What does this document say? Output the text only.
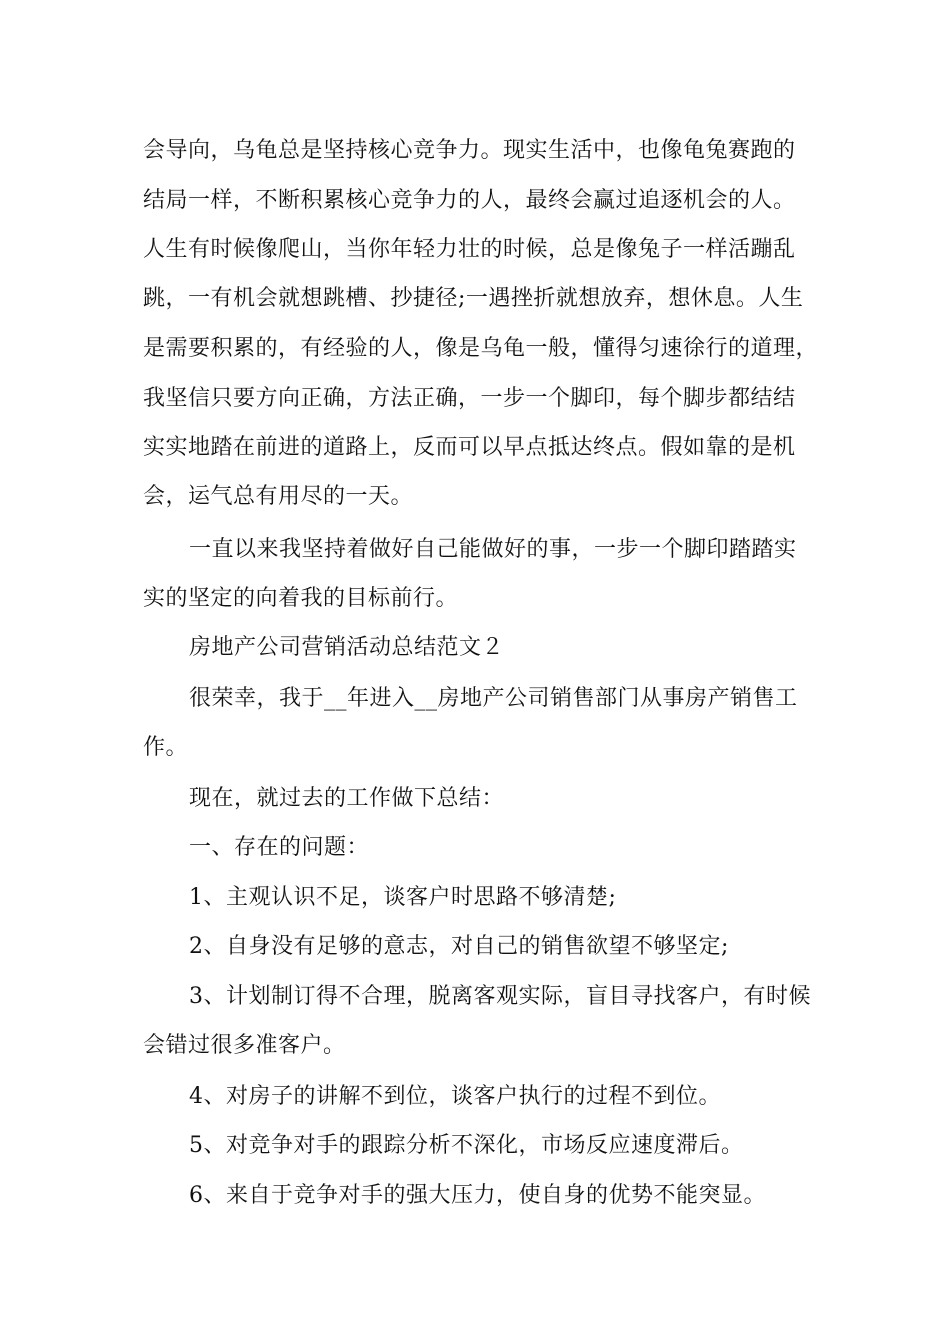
会导向，乌龟总是坚持核心竞争力。现实生活中，也像龟兔赛跑的
结局一样，不断积累核心竞争力的人，最终会赢过追逐机会的人。
人生有时候像爬山，当你年轻力壮的时候，总是像兔子一样活蹦乱
跳，一有机会就想跳槽、抄捷径;一遇挫折就想放弃，想休息。人生
是需要积累的，有经验的人，像是乌龟一般，懂得匀速徐行的道理，
我坚信只要方向正确，方法正确，一步一个脚印，每个脚步都结结
实实地踏在前进的道路上，反而可以早点抵达终点。假如靠的是机
会，运气总有用尽的一天。
一直以来我坚持着做好自己能做好的事，一步一个脚印踏踏实
实的坚定的向着我的目标前行。
房地产公司营销活动总结范文２
很荣幸，我于__年进入__房地产公司销售部门从事房产销售工
作。
现在，就过去的工作做下总结：
一、存在的问题：
1、主观认识不足，谈客户时思路不够清楚;
2、自身没有足够的意志，对自己的销售欲望不够坚定;
3、计划制订得不合理，脱离客观实际，盲目寻找客户，有时候
会错过很多准客户。
4、对房子的讲解不到位，谈客户执行的过程不到位。
5、对竞争对手的跟踪分析不深化，市场反应速度滞后。
6、来自于竞争对手的强大压力，使自身的优势不能突显。
